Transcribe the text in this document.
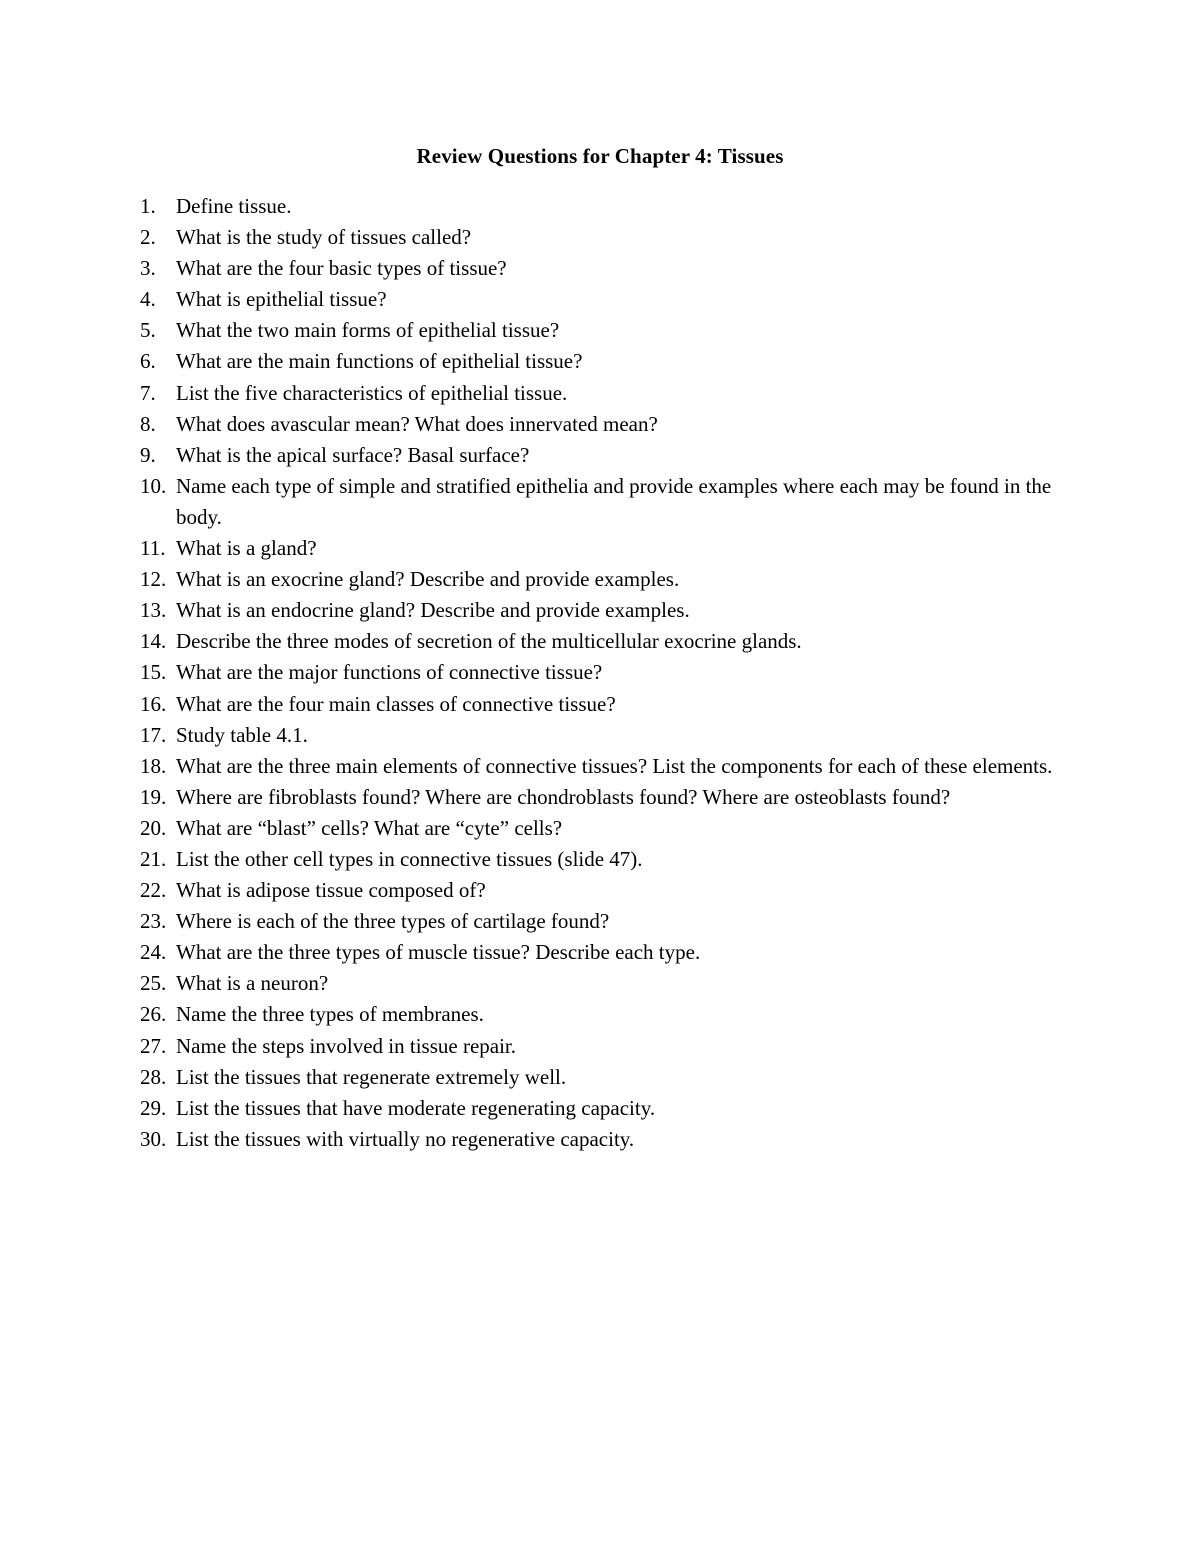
Review Questions for Chapter 4: Tissues
1. Define tissue.
2. What is the study of tissues called?
3. What are the four basic types of tissue?
4. What is epithelial tissue?
5. What the two main forms of epithelial tissue?
6. What are the main functions of epithelial tissue?
7. List the five characteristics of epithelial tissue.
8. What does avascular mean? What does innervated mean?
9. What is the apical surface? Basal surface?
10. Name each type of simple and stratified epithelia and provide examples where each may be found in the body.
11. What is a gland?
12. What is an exocrine gland? Describe and provide examples.
13. What is an endocrine gland? Describe and provide examples.
14. Describe the three modes of secretion of the multicellular exocrine glands.
15. What are the major functions of connective tissue?
16. What are the four main classes of connective tissue?
17. Study table 4.1.
18. What are the three main elements of connective tissues? List the components for each of these elements.
19. Where are fibroblasts found? Where are chondroblasts found? Where are osteoblasts found?
20. What are “blast” cells? What are “cyte” cells?
21. List the other cell types in connective tissues (slide 47).
22. What is adipose tissue composed of?
23. Where is each of the three types of cartilage found?
24. What are the three types of muscle tissue? Describe each type.
25. What is a neuron?
26. Name the three types of membranes.
27. Name the steps involved in tissue repair.
28. List the tissues that regenerate extremely well.
29. List the tissues that have moderate regenerating capacity.
30. List the tissues with virtually no regenerative capacity.
